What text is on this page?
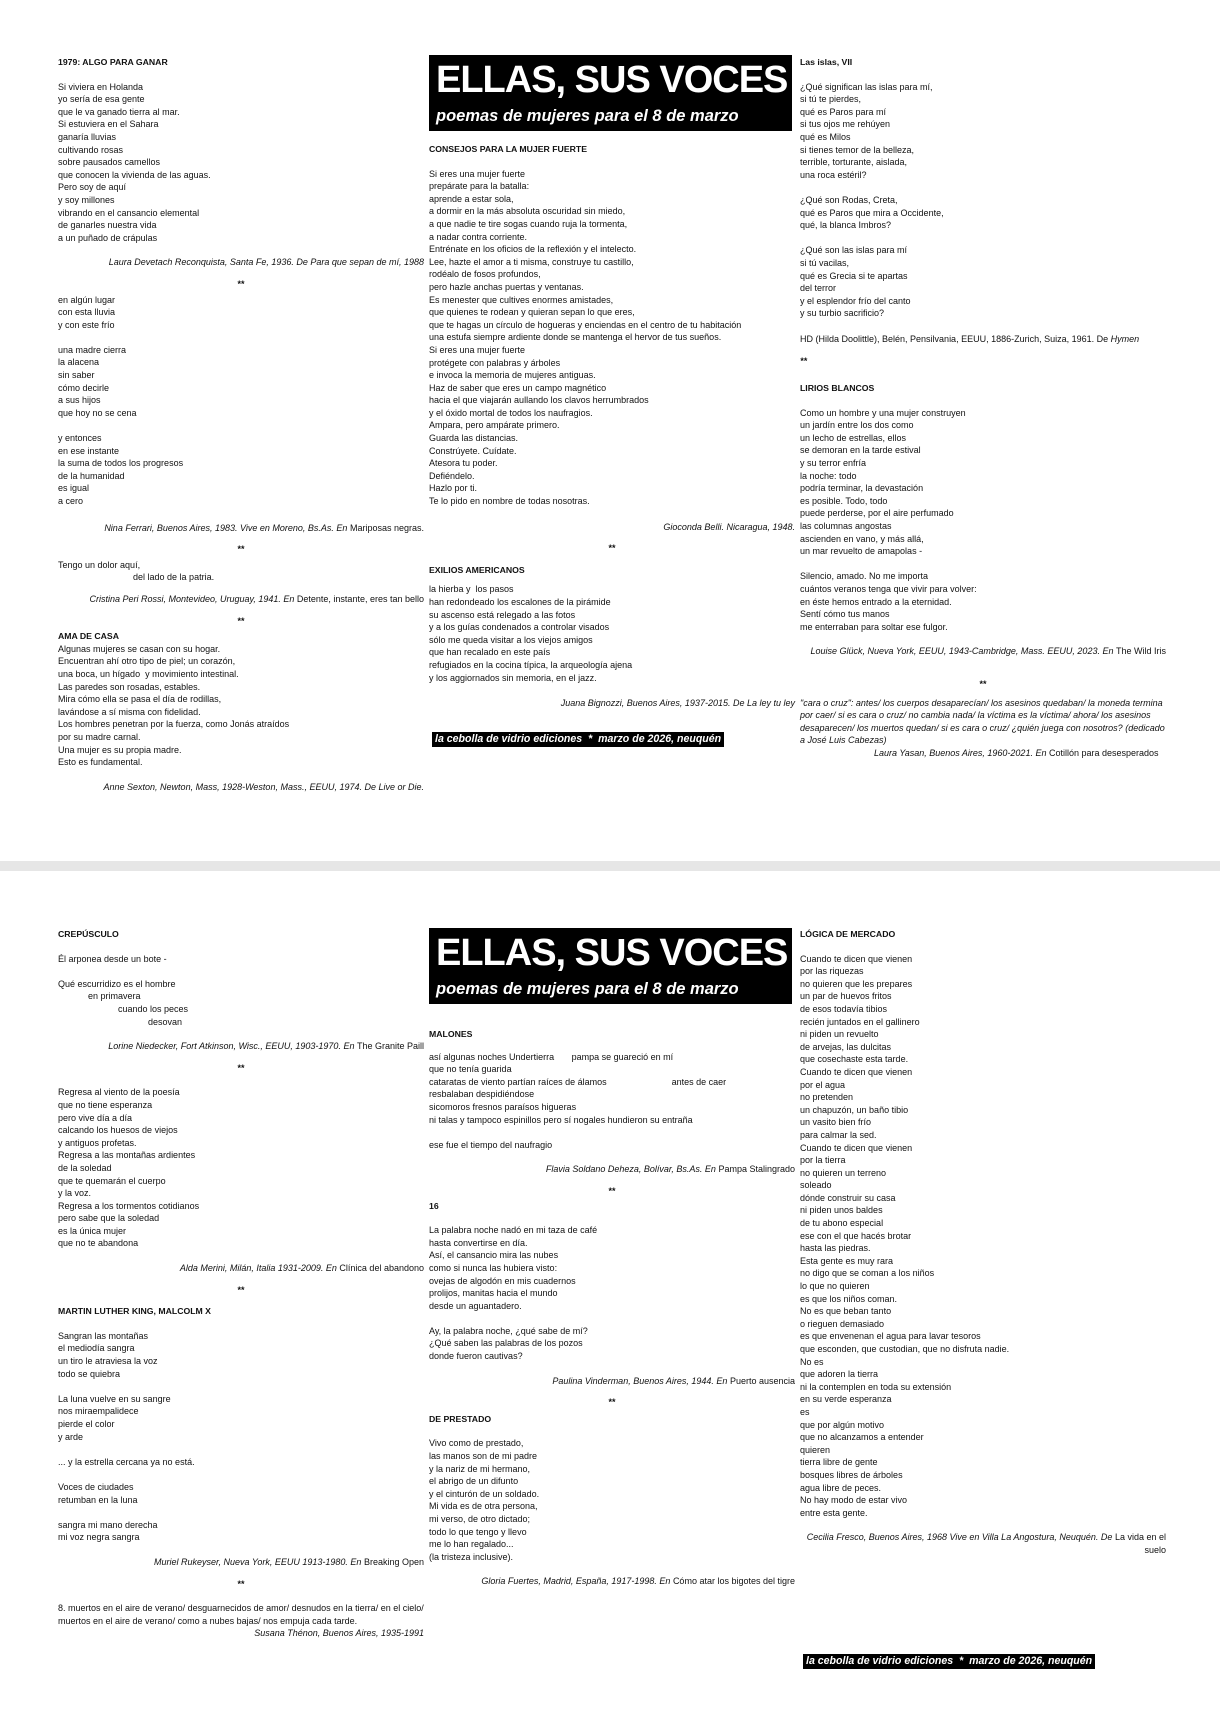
1979: ALGO PARA GANAR

Si viviera en Holanda
yo sería de esa gente
que le va ganado tierra al mar.
Si estuviera en el Sahara
ganaría lluvias
cultivando rosas
sobre pausados camellos
que conocen la vivienda de las aguas.
Pero soy de aquí
y soy millones
vibrando en el cansancio elemental
de ganarles nuestra vida
a un puñado de crápulas

Laura Devetach Reconquista, Santa Fe, 1936. De Para que sepan de mí, 1988

**

en algún lugar
con esta lluvia
y con este frío

una madre cierra
la alacena
sin saber
cómo decirle
a sus hijos
que hoy no se cena

y entonces
en ese instante
la suma de todos los progresos
de la humanidad
es igual
a cero

Nina Ferrari, Buenos Aires, 1983. Vive en Moreno, Bs.As. En Mariposas negras.

**

Tengo un dolor aquí,
del lado de la patria.

Cristina Peri Rossi, Montevideo, Uruguay, 1941. En Detente, instante, eres tan bello

**

AMA DE CASA

Algunas mujeres se casan con su hogar.
Encuentran ahí otro tipo de piel; un corazón,
una boca, un hígado  y movimiento intestinal.
Las paredes son rosadas, estables.
Mira cómo ella se pasa el día de rodillas,
lavándose a sí misma con fidelidad.
Los hombres penetran por la fuerza, como Jonás atraídos
por su madre carnal.
Una mujer es su propia madre.
Esto es fundamental.

Anne Sexton, Newton, Mass, 1928-Weston, Mass., EEUU, 1974. De Live or Die.

ELLAS, SUS VOCES
poemas de mujeres para el 8 de marzo

CONSEJOS PARA LA MUJER FUERTE

Si eres una mujer fuerte
prepárate para la batalla:
aprende a estar sola,
a dormir en la más absoluta oscuridad sin miedo,
a que nadie te tire sogas cuando ruja la tormenta,
a nadar contra corriente.
Entrénate en los oficios de la reflexión y el intelecto.
Lee, hazte el amor a ti misma, construye tu castillo,
rodéalo de fosos profundos,
pero hazle anchas puertas y ventanas.
Es menester que cultives enormes amistades,
que quienes te rodean y quieran sepan lo que eres,
que te hagas un círculo de hogueras y enciendas en el centro de tu habitación
una estufa siempre ardiente donde se mantenga el hervor de tus sueños.
Si eres una mujer fuerte
protégete con palabras y árboles
e invoca la memoria de mujeres antiguas.
Haz de saber que eres un campo magnético
hacia el que viajarán aullando los clavos herrumbrados
y el óxido mortal de todos los naufragios.
Ampara, pero ampárate primero.
Guarda las distancias.
Constrúyete. Cuídate.
Atesora tu poder.
Defiéndelo.
Hazlo por ti.
Te lo pido en nombre de todas nosotras.

Gioconda Belli. Nicaragua, 1948.

**

EXILIOS AMERICANOS

la hierba y  los pasos
han redondeado los escalones de la pirámide
su ascenso está relegado a las fotos
y a los guías condenados a controlar visados
sólo me queda visitar a los viejos amigos
que han recalado en este país
refugiados en la cocina típica, la arqueología ajena
y los aggiornados sin memoria, en el jazz.

Juana Bignozzi, Buenos Aires, 1937-2015. De La ley tu ley

la cebolla de vidrio ediciones  *  marzo de 2026, neuquén

Las islas, VII

¿Qué significan las islas para mí,
si tú te pierdes,
qué es Paros para mí
si tus ojos me rehúyen
qué es Milos
si tienes temor de la belleza,
terrible, torturante, aislada,
una roca estéril?

¿Qué son Rodas, Creta,
qué es Paros que mira a Occidente,
qué, la blanca Imbros?

¿Qué son las islas para mí
si tú vacilas,
qué es Grecia si te apartas
del terror
y el esplendor frío del canto
y su turbio sacrificio?

HD (Hilda Doolittle), Belén, Pensilvania, EEUU, 1886-Zurich, Suiza, 1961. De Hymen

**

LIRIOS BLANCOS

Como un hombre y una mujer construyen
un jardín entre los dos como
un lecho de estrellas, ellos
se demoran en la tarde estival
y su terror enfría
la noche: todo
podría terminar, la devastación
es posible. Todo, todo
puede perderse, por el aire perfumado
las columnas angostas
ascienden en vano, y más allá,
un mar revuelto de amapolas -

Silencio, amado. No me importa
cuántos veranos tenga que vivir para volver:
en éste hemos entrado a la eternidad.
Sentí cómo tus manos
me enterraban para soltar ese fulgor.

Louise Glück, Nueva York, EEUU, 1943-Cambridge, Mass. EEUU, 2023. En The Wild Iris

**

"cara o cruz": antes/ los cuerpos desaparecían/ los asesinos quedaban/ la moneda termina por caer/ si es cara o cruz/ no cambia nada/ la víctima es la víctima/ ahora/ los asesinos desaparecen/ los muertos quedan/ si es cara o cruz/ ¿quién juega con nosotros? (dedicado a José Luis Cabezas)

Laura Yasan, Buenos Aires, 1960-2021. En Cotillón para desesperados

CREPÚSCULO

Él arponea desde un bote -

Qué escurridizo es el hombre
en primavera
cuando los peces
desovan

Lorine Niedecker, Fort Atkinson, Wisc., EEUU, 1903-1970. En The Granite Paill

**

Regresa al viento de la poesía
que no tiene esperanza
pero vive día a día
calcando los huesos de viejos
y antiguos profetas.
Regresa a las montañas ardientes
de la soledad
que te quemarán el cuerpo
y la voz.
Regresa a los tormentos cotidianos
pero sabe que la soledad
es la única mujer
que no te abandona

Alda Merini, Milán, Italia 1931-2009. En Clínica del abandono

**

MARTIN LUTHER KING, MALCOLM X

Sangran las montañas
el mediodía sangra
un tiro le atraviesa la voz
todo se quiebra

La luna vuelve en su sangre
nos miraempalidece
pierde el color
y arde

... y la estrella cercana ya no está.

Voces de ciudades
retumban en la luna

sangra mi mano derecha
mi voz negra sangra

Muriel Rukeyser, Nueva York, EEUU 1913-1980. En Breaking Open

**

8. muertos en el aire de verano/ desguarnecidos de amor/ desnudos en la tierra/ en el cielo/ muertos en el aire de verano/ como a nubes bajas/ nos empuja cada tarde.

Susana Thénon, Buenos Aires, 1935-1991

ELLAS, SUS VOCES
poemas de mujeres para el 8 de marzo

MALONES

así algunas noches Undertierra       pampa se guareció en mí
que no tenía guarida
cataratas de viento partían raíces de álamos                          antes de caer
resbalaban despidiéndose
sicomoros fresnos paraísos higueras
ni talas y tampoco espinillos pero sí nogales hundieron su entraña

ese fue el tiempo del naufragio

Flavia Soldano Deheza, Bolívar, Bs.As. En Pampa Stalingrado

**

16

La palabra noche nadó en mi taza de café
hasta convertirse en día.
Así, el cansancio mira las nubes
como si nunca las hubiera visto:
ovejas de algodón en mis cuadernos
prolijos, manitas hacia el mundo
desde un aguantadero.

Ay, la palabra noche, ¿qué sabe de mí?
¿Qué saben las palabras de los pozos
donde fueron cautivas?

Paulina Vinderman, Buenos Aires, 1944. En Puerto ausencia

**

DE PRESTADO

Vivo como de prestado,
las manos son de mi padre
y la nariz de mi hermano,
el abrigo de un difunto
y el cinturón de un soldado.
Mi vida es de otra persona,
mi verso, de otro dictado;
todo lo que tengo y llevo
me lo han regalado...
(la tristeza inclusive).

Gloria Fuertes, Madrid, España, 1917-1998. En Cómo atar los bigotes del tigre

LÓGICA DE MERCADO

Cuando te dicen que vienen
por las riquezas
no quieren que les prepares
un par de huevos fritos
de esos todavía tibios
recién juntados en el gallinero
ni piden un revuelto
de arvejas, las dulcitas
que cosechaste esta tarde.
Cuando te dicen que vienen
por el agua
no pretenden
un chapuzón, un baño tibio
un vasito bien frío
para calmar la sed.
Cuando te dicen que vienen
por la tierra
no quieren un terreno
soleado
dónde construir su casa
ni piden unos baldes
de tu abono especial
ese con el que hacés brotar
hasta las piedras.
Esta gente es muy rara
no digo que se coman a los niños
lo que no quieren
es que los niños coman.
No es que beban tanto
o rieguen demasiado
es que envenenan el agua para lavar tesoros
que esconden, que custodian, que no disfruta nadie.
No es
que adoren la tierra
ni la contemplen en toda su extensión
en su verde esperanza
es
que por algún motivo
que no alcanzamos a entender
quieren
tierra libre de gente
bosques libres de árboles
agua libre de peces.
No hay modo de estar vivo
entre esta gente.

Cecilia Fresco, Buenos Aires, 1968 Vive en Villa La Angostura, Neuquén. De La vida en el suelo

la cebolla de vidrio ediciones  *  marzo de 2026, neuquén
